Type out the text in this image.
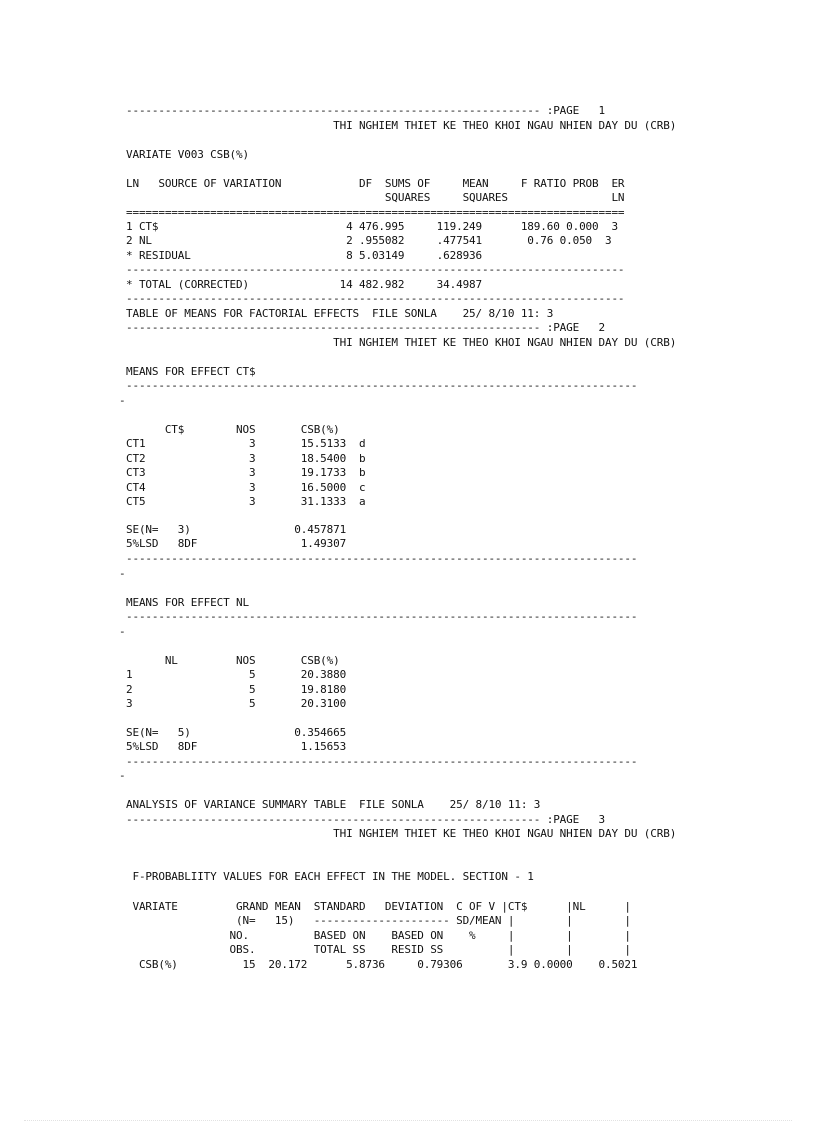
---------------------------------------------------------------- :PAGE   1
THI NGHIEM THIET KE THEO KHOI NGAU NHIEN DAY DU (CRB)
VARIATE V003 CSB(%)
LN   SOURCE OF VARIATION            DF  SUMS OF     MEAN     F RATIO PROB  ER
SQUARES     SQUARES                LN
=============================================================================
1 CT$                             4 476.995     119.249      189.60 0.000  3
2 NL                              2 .955082     .477541       0.76 0.050  3
* RESIDUAL                        8 5.03149     .628936
-----------------------------------------------------------------------------
* TOTAL (CORRECTED)              14 482.982     34.4987
-----------------------------------------------------------------------------
TABLE OF MEANS FOR FACTORIAL EFFECTS  FILE SONLA    25/ 8/10 11: 3
---------------------------------------------------------------- :PAGE   2
THI NGHIEM THIET KE THEO KHOI NGAU NHIEN DAY DU (CRB)
MEANS FOR EFFECT CT$
-------------------------------------------------------------------------------
-
CT$        NOS       CSB(%)
CT1                3       15.5133  d
CT2                3       18.5400  b
CT3                3       19.1733  b
CT4                3       16.5000  c
CT5                3       31.1333  a
SE(N=   3)                0.457871
5%LSD   8DF                1.49307
-------------------------------------------------------------------------------
-
MEANS FOR EFFECT NL
-------------------------------------------------------------------------------
-
NL         NOS       CSB(%)
1                  5       20.3880
2                  5       19.8180
3                  5       20.3100
SE(N=   5)                0.354665
5%LSD   8DF                1.15653
-------------------------------------------------------------------------------
-
ANALYSIS OF VARIANCE SUMMARY TABLE  FILE SONLA    25/ 8/10 11: 3
---------------------------------------------------------------- :PAGE   3
THI NGHIEM THIET KE THEO KHOI NGAU NHIEN DAY DU (CRB)
F-PROBABLIITY VALUES FOR EACH EFFECT IN THE MODEL. SECTION - 1
VARIATE         GRAND MEAN  STANDARD   DEVIATION  C OF V |CT$      |NL      |
(N=   15)   --------------------- SD/MEAN |        |        |
NO.          BASED ON    BASED ON    %     |        |        |
OBS.         TOTAL SS    RESID SS          |        |        |
CSB(%)          15  20.172      5.8736     0.79306       3.9 0.0000    0.5021
